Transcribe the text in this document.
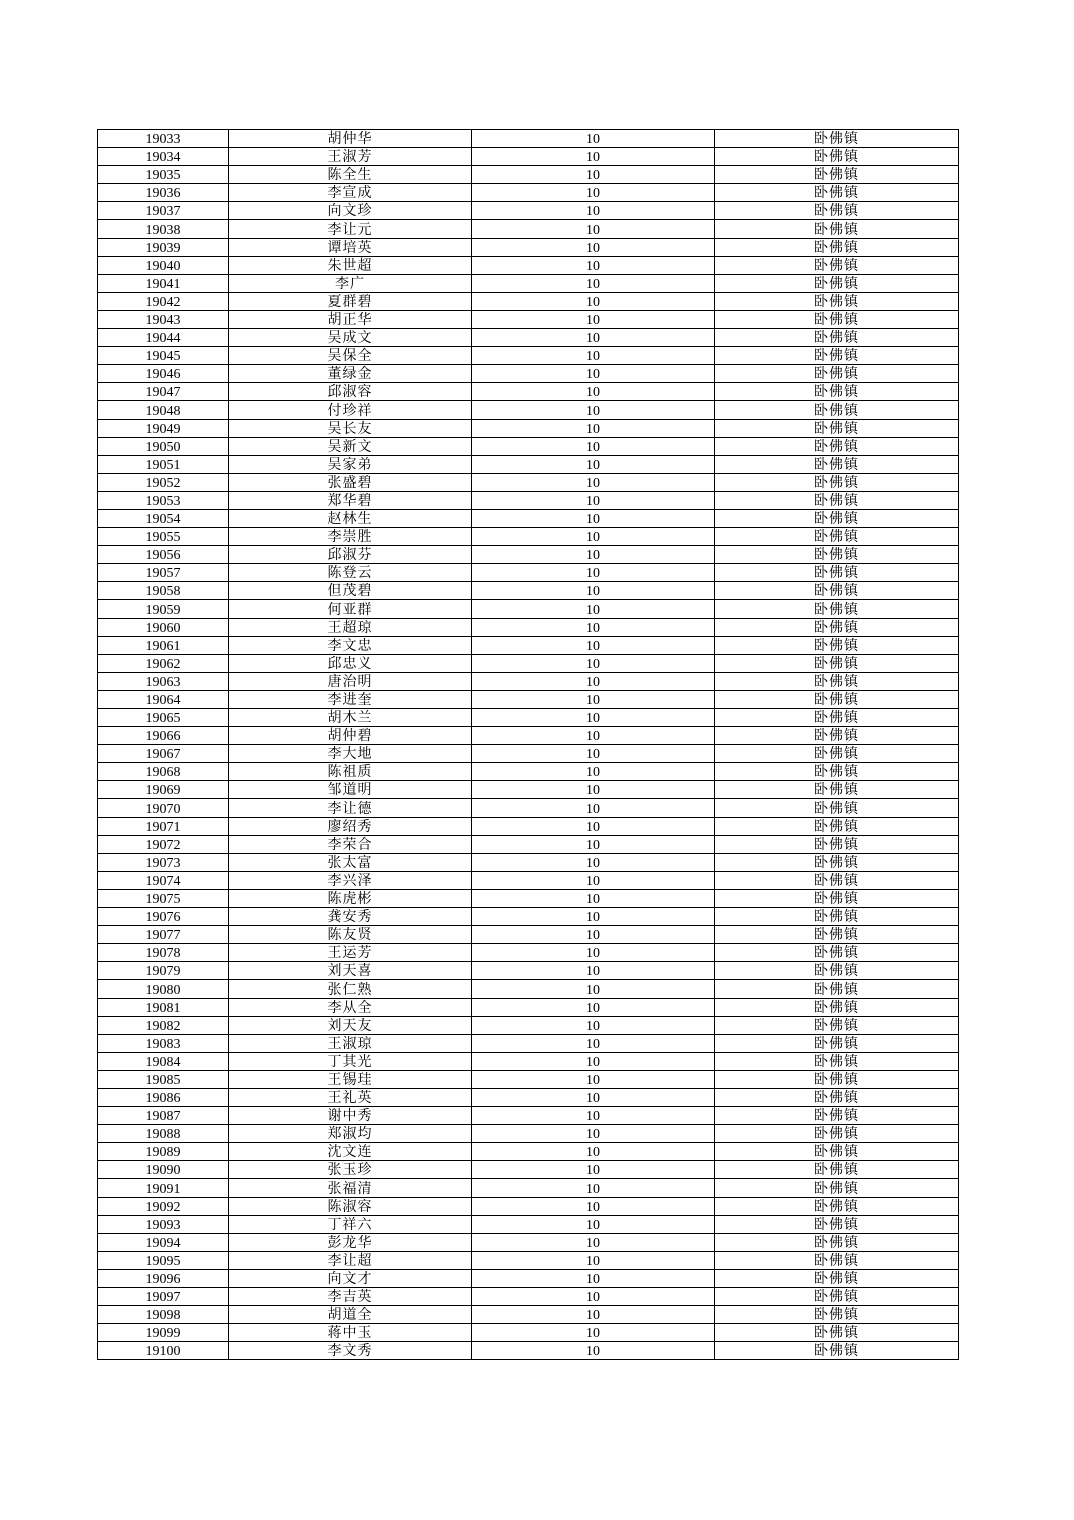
19033	胡仲华	10	卧佛镇
19034	王淑芳	10	卧佛镇
19035	陈全生	10	卧佛镇
19036	李宣成	10	卧佛镇
19037	向文珍	10	卧佛镇
19038	李让元	10	卧佛镇
19039	谭培英	10	卧佛镇
19040	朱世超	10	卧佛镇
19041	李广	10	卧佛镇
19042	夏群碧	10	卧佛镇
19043	胡正华	10	卧佛镇
19044	吴成文	10	卧佛镇
19045	吴保全	10	卧佛镇
19046	董绿金	10	卧佛镇
19047	邱淑容	10	卧佛镇
19048	付珍祥	10	卧佛镇
19049	吴长友	10	卧佛镇
19050	吴新文	10	卧佛镇
19051	吴家弟	10	卧佛镇
19052	张盛碧	10	卧佛镇
19053	郑华碧	10	卧佛镇
19054	赵林生	10	卧佛镇
19055	李崇胜	10	卧佛镇
19056	邱淑芬	10	卧佛镇
19057	陈登云	10	卧佛镇
19058	但茂碧	10	卧佛镇
19059	何亚群	10	卧佛镇
19060	王超琼	10	卧佛镇
19061	李文忠	10	卧佛镇
19062	邱忠义	10	卧佛镇
19063	唐治明	10	卧佛镇
19064	李进奎	10	卧佛镇
19065	胡木兰	10	卧佛镇
19066	胡仲碧	10	卧佛镇
19067	李大地	10	卧佛镇
19068	陈祖质	10	卧佛镇
19069	邹道明	10	卧佛镇
19070	李让德	10	卧佛镇
19071	廖绍秀	10	卧佛镇
19072	李荣合	10	卧佛镇
19073	张太富	10	卧佛镇
19074	李兴泽	10	卧佛镇
19075	陈虎彬	10	卧佛镇
19076	龚安秀	10	卧佛镇
19077	陈友贤	10	卧佛镇
19078	王运芳	10	卧佛镇
19079	刘天喜	10	卧佛镇
19080	张仁熟	10	卧佛镇
19081	李从全	10	卧佛镇
19082	刘天友	10	卧佛镇
19083	王淑琼	10	卧佛镇
19084	丁其光	10	卧佛镇
19085	王锡珪	10	卧佛镇
19086	王礼英	10	卧佛镇
19087	谢中秀	10	卧佛镇
19088	郑淑均	10	卧佛镇
19089	沈文连	10	卧佛镇
19090	张玉珍	10	卧佛镇
19091	张福清	10	卧佛镇
19092	陈淑容	10	卧佛镇
19093	丁祥六	10	卧佛镇
19094	彭龙华	10	卧佛镇
19095	李让超	10	卧佛镇
19096	向文才	10	卧佛镇
19097	李吉英	10	卧佛镇
19098	胡道全	10	卧佛镇
19099	蒋中玉	10	卧佛镇
19100	李文秀	10	卧佛镇
